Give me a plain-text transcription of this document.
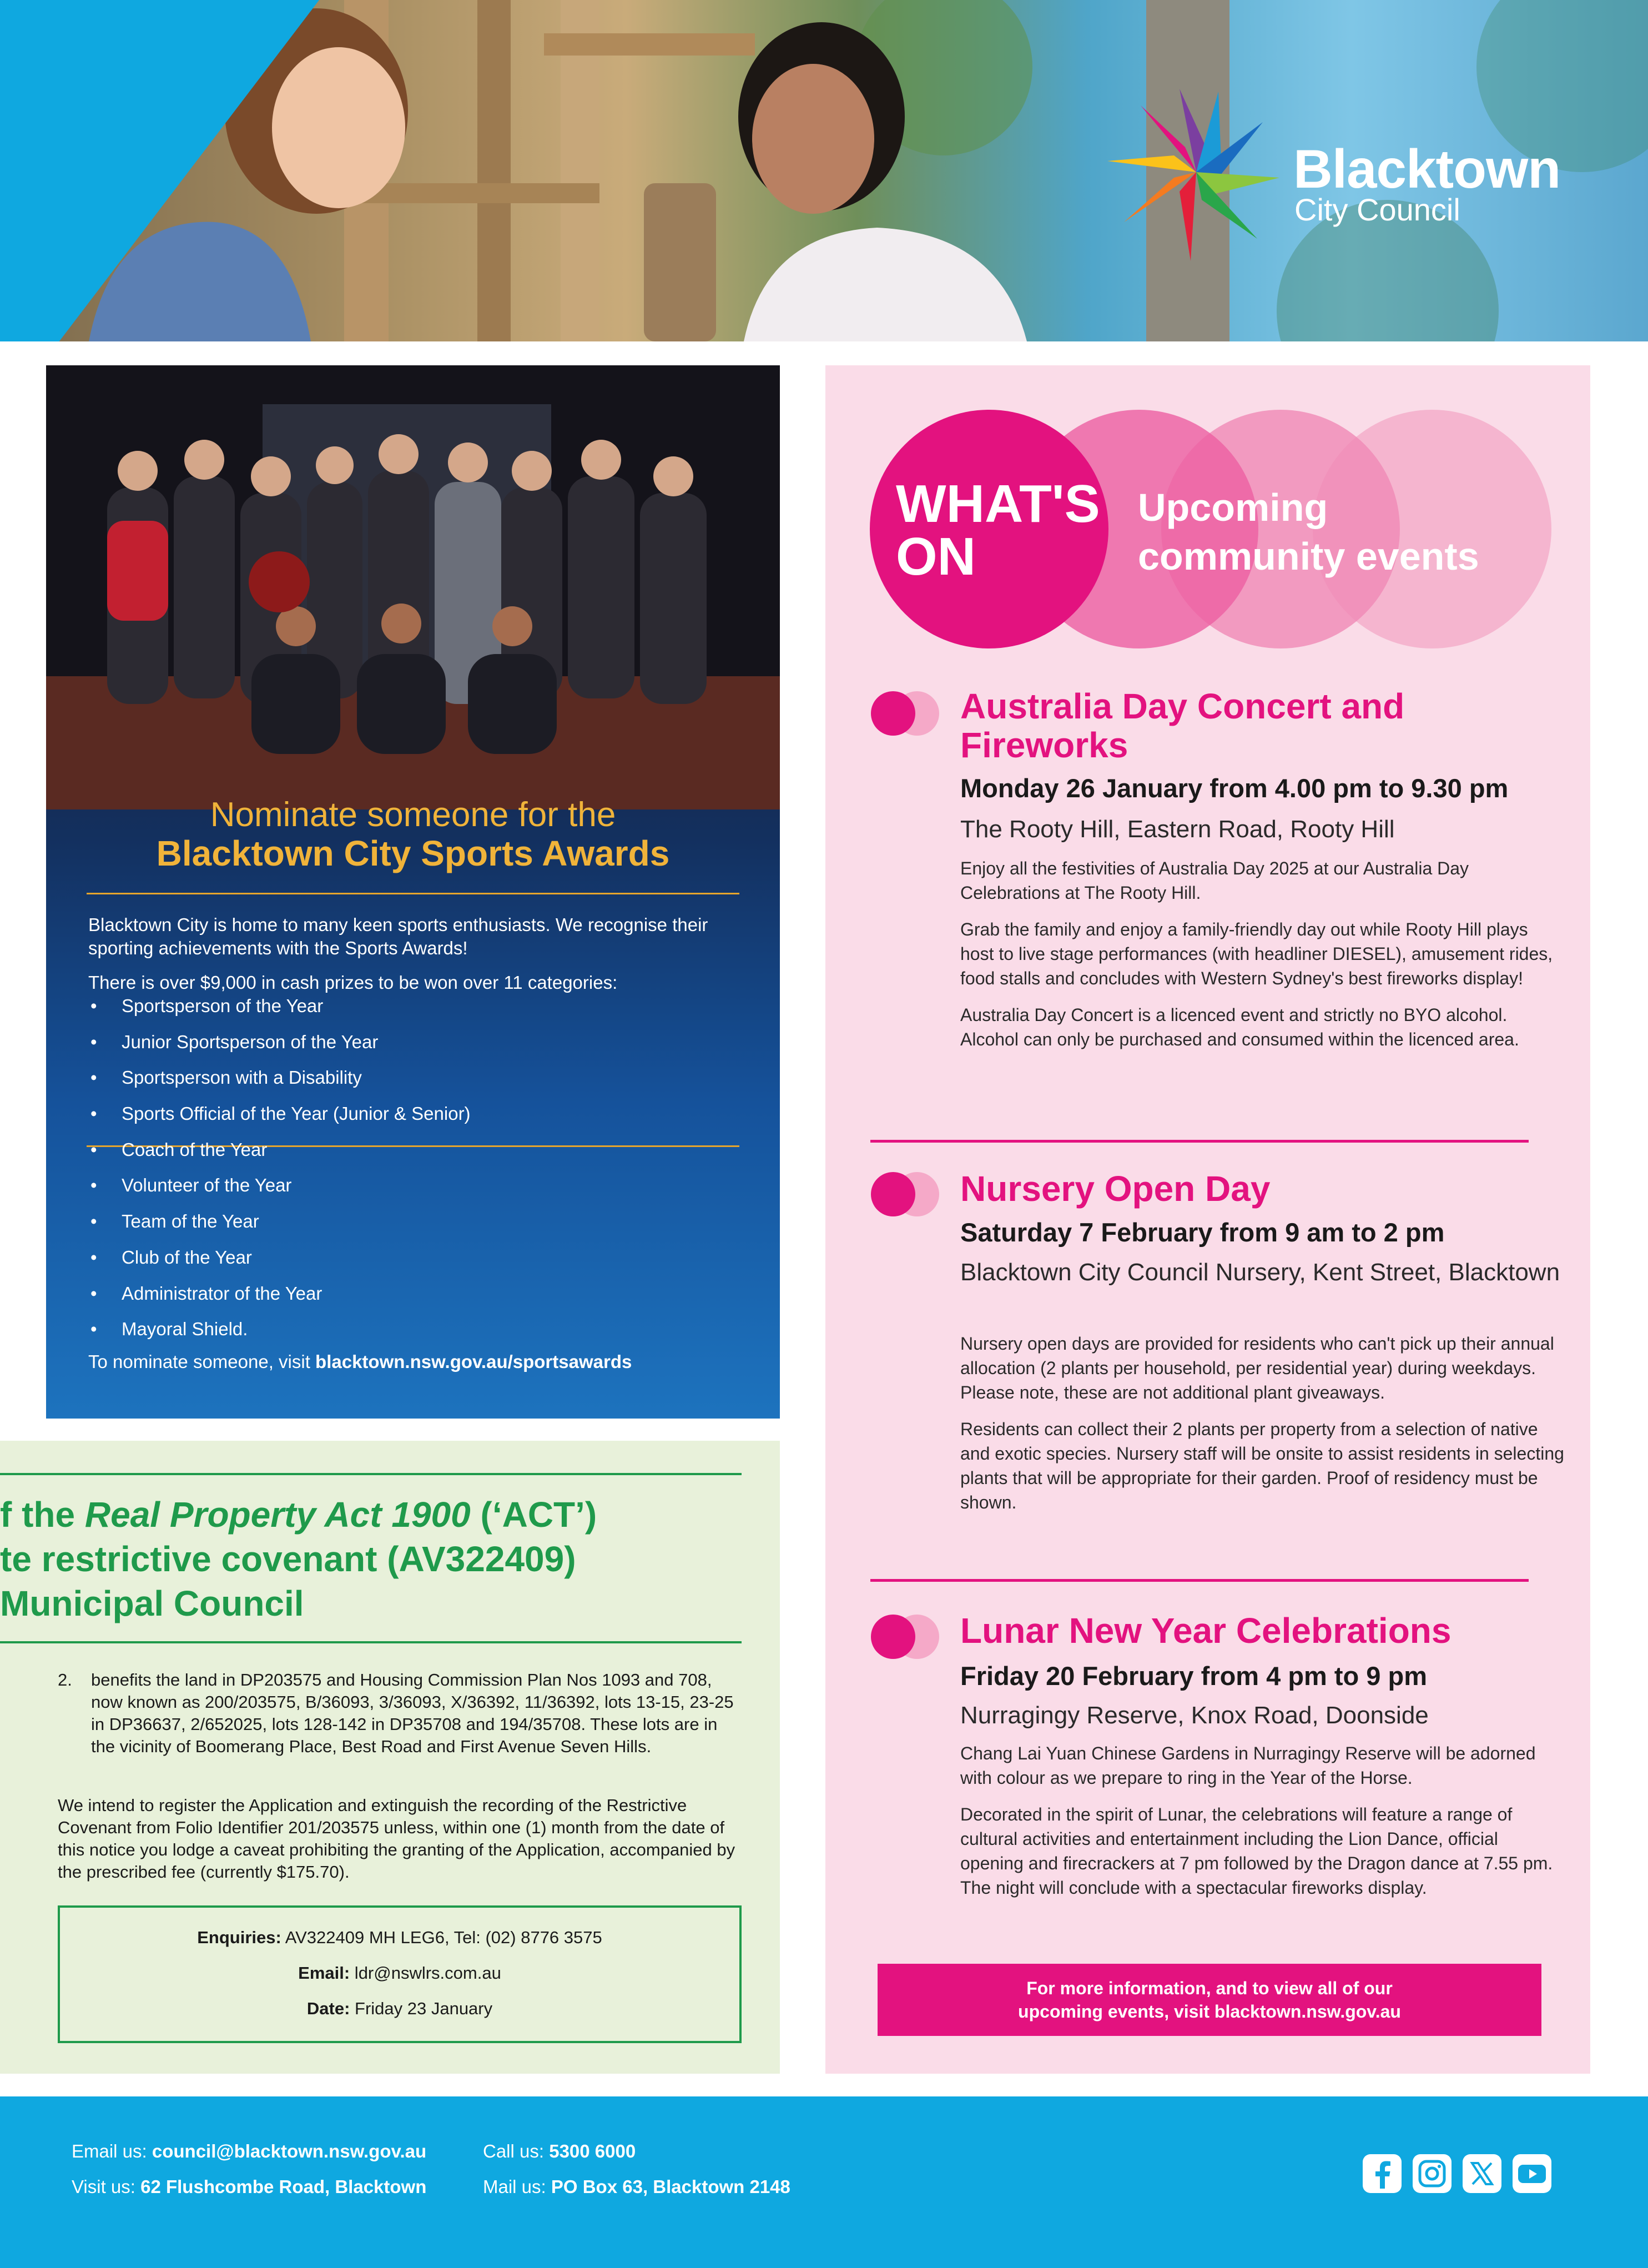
Blacktown
City Council
Nominate someone for the
Blacktown City Sports Awards

Blacktown City is home to many keen sports enthusiasts. We recognise their sporting achievements with the Sports Awards!

There is over $9,000 in cash prizes to be won over 11 categories:

• Sportsperson of the Year
• Junior Sportsperson of the Year
• Sportsperson with a Disability
• Sports Official of the Year (Junior & Senior)
• Coach of the Year
• Volunteer of the Year
• Team of the Year
• Club of the Year
• Administrator of the Year
• Mayoral Shield.

To nominate someone, visit blacktown.nsw.gov.au/sportsawards

f the Real Property Act 1900 (‘ACT’)
te restrictive covenant (AV322409)
Municipal Council
2. benefits the land in DP203575 and Housing Commission Plan Nos 1093 and 708, now known as 200/203575, B/36093, 3/36093, X/36392, 11/36392, lots 13-15, 23-25 in DP36637, 2/652025, lots 128-142 in DP35708 and 194/35708. These lots are in the vicinity of Boomerang Place, Best Road and First Avenue Seven Hills.

We intend to register the Application and extinguish the recording of the Restrictive Covenant from Folio Identifier 201/203575 unless, within one (1) month from the date of this notice you lodge a caveat prohibiting the granting of the Application, accompanied by the prescribed fee (currently $175.70).

Enquiries: AV322409 MH LEG6, Tel: (02) 8776 3575
Email: ldr@nswlrs.com.au
Date: Friday 23 January
WHAT'S
ON
Upcoming
community events
Australia Day Concert and
Fireworks
Monday 26 January from 4.00 pm to 9.30 pm
The Rooty Hill, Eastern Road, Rooty Hill

Enjoy all the festivities of Australia Day 2025 at our Australia Day Celebrations at The Rooty Hill.

Grab the family and enjoy a family-friendly day out while Rooty Hill plays host to live stage performances (with headliner DIESEL), amusement rides, food stalls and concludes with Western Sydney's best fireworks display!

Australia Day Concert is a licenced event and strictly no BYO alcohol. Alcohol can only be purchased and consumed within the licenced area.

Nursery Open Day
Saturday 7 February from 9 am to 2 pm
Blacktown City Council Nursery, Kent Street, Blacktown

Nursery open days are provided for residents who can't pick up their annual allocation (2 plants per household, per residential year) during weekdays. Please note, these are not additional plant giveaways.

Residents can collect their 2 plants per property from a selection of native and exotic species. Nursery staff will be onsite to assist residents in selecting plants that will be appropriate for their garden. Proof of residency must be shown.

Lunar New Year Celebrations
Friday 20 February from 4 pm to 9 pm
Nurragingy Reserve, Knox Road, Doonside

Chang Lai Yuan Chinese Gardens in Nurragingy Reserve will be adorned with colour as we prepare to ring in the Year of the Horse.

Decorated in the spirit of Lunar, the celebrations will feature a range of cultural activities and entertainment including the Lion Dance, official opening and firecrackers at 7 pm followed by the Dragon dance at 7.55 pm. The night will conclude with a spectacular fireworks display.

For more information, and to view all of our
upcoming events, visit blacktown.nsw.gov.au
Email us: council@blacktown.nsw.gov.au
Visit us: 62 Flushcombe Road, Blacktown
Call us: 5300 6000
Mail us: PO Box 63, Blacktown 2148
